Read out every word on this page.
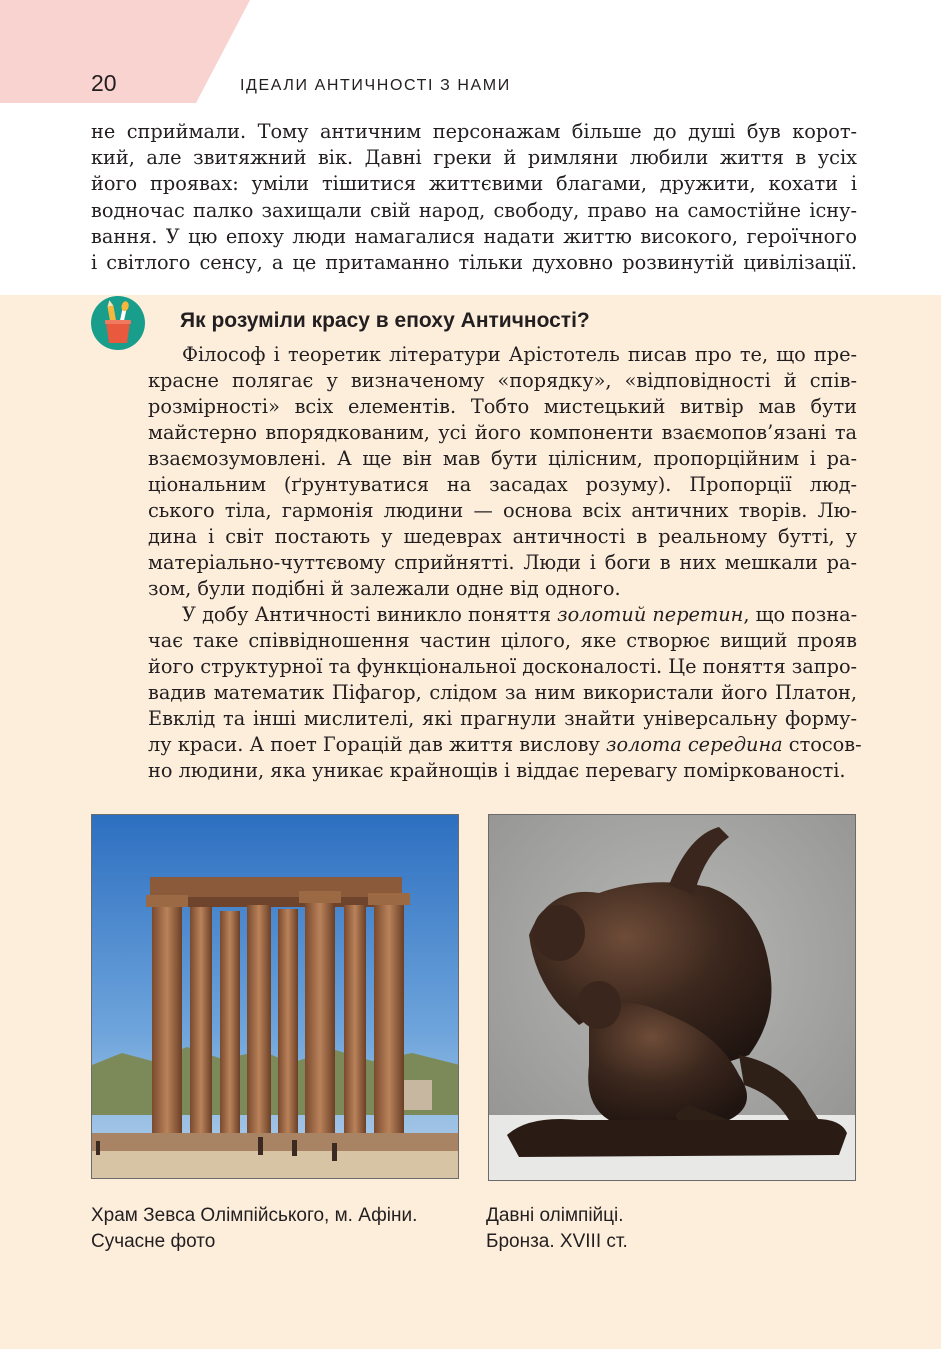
20	ІДЕАЛИ АНТИЧНОСТІ З НАМИ
не сприймали. Тому античним персонажам більше до душі був корот-
кий, але звитяжний вік. Давні греки й римляни любили життя в усіх
його проявах: уміли тішитися життєвими благами, дружити, кохати і
водночас палко захищали свій народ, свободу, право на самостійне існу-
вання. У цю епоху люди намагалися надати життю високого, героїчного
і світлого сенсу, а це притаманно тільки духовно розвинутій цивілізації.
Як розуміли красу в епоху Античності?
Філософ і теоретик літератури Арістотель писав про те, що пре-
красне полягає у визначеному «порядку», «відповідності й спів-
розмірності» всіх елементів. Тобто мистецький витвір мав бути
майстерно впорядкованим, усі його компоненти взаємопов’язані та
взаємозумовлені. А ще він мав бути цілісним, пропорційним і ра-
ціональним (ґрунтуватися на засадах розуму). Пропорції люд-
ського тіла, гармонія людини — основа всіх античних творів. Лю-
дина і світ постають у шедеврах античності в реальному бутті, у
матеріально-чуттєвому сприйнятті. Люди і боги в них мешкали ра-
зом, були подібні й залежали одне від одного.
У добу Античності виникло поняття золотий перетин, що позна-
чає таке співвідношення частин цілого, яке створює вищий прояв
його структурної та функціональної досконалості. Це поняття запро-
вадив математик Піфагор, слідом за ним використали його Платон,
Евклід та інші мислителі, які прагнули знайти універсальну форму-
лу краси. А поет Горацій дав життя вислову золота середина стосов-
но людини, яка уникає крайнощів і віддає перевагу поміркованості.
Храм Зевса Олімпійського, м. Афіни.
Сучасне фото
Давні олімпійці.
Бронза. XVIII ст.
